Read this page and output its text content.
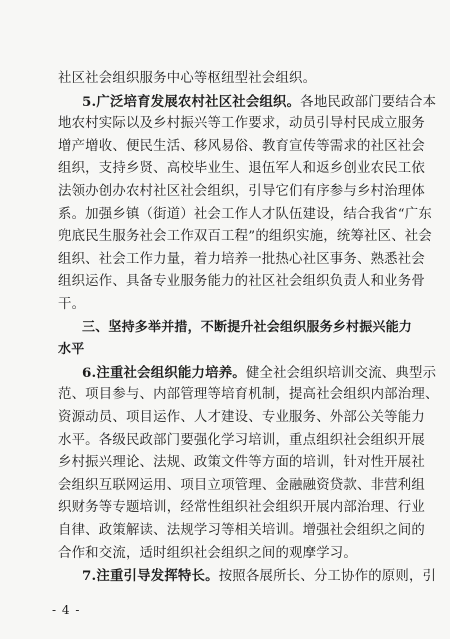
社区社会组织服务中心等枢纽型社会组织。
5.广泛培育发展农村社区社会组织。各地民政部门要结合本
地农村实际以及乡村振兴等工作要求，动员引导村民成立服务
增产增收、便民生活、移风易俗、教育宣传等需求的社区社会
组织，支持乡贤、高校毕业生、退伍军人和返乡创业农民工依
法领办创办农村社区社会组织，引导它们有序参与乡村治理体
系。加强乡镇（街道）社会工作人才队伍建设，结合我省“广东
兜底民生服务社会工作双百工程”的组织实施，统筹社区、社会
组织、社会工作力量，着力培养一批热心社区事务、熟悉社会
组织运作、具备专业服务能力的社区社会组织负责人和业务骨
干。
三、坚持多举并措，不断提升社会组织服务乡村振兴能力
水平
6.注重社会组织能力培养。健全社会组织培训交流、典型示
范、项目参与、内部管理等培育机制，提高社会组织内部治理、
资源动员、项目运作、人才建设、专业服务、外部公关等能力
水平。各级民政部门要强化学习培训，重点组织社会组织开展
乡村振兴理论、法规、政策文件等方面的培训，针对性开展社
会组织互联网运用、项目立项管理、金融融资贷款、非营利组
织财务等专题培训，经常性组织社会组织开展内部治理、行业
自律、政策解读、法规学习等相关培训。增强社会组织之间的
合作和交流，适时组织社会组织之间的观摩学习。
7.注重引导发挥特长。按照各展所长、分工协作的原则，引
- 4 -
